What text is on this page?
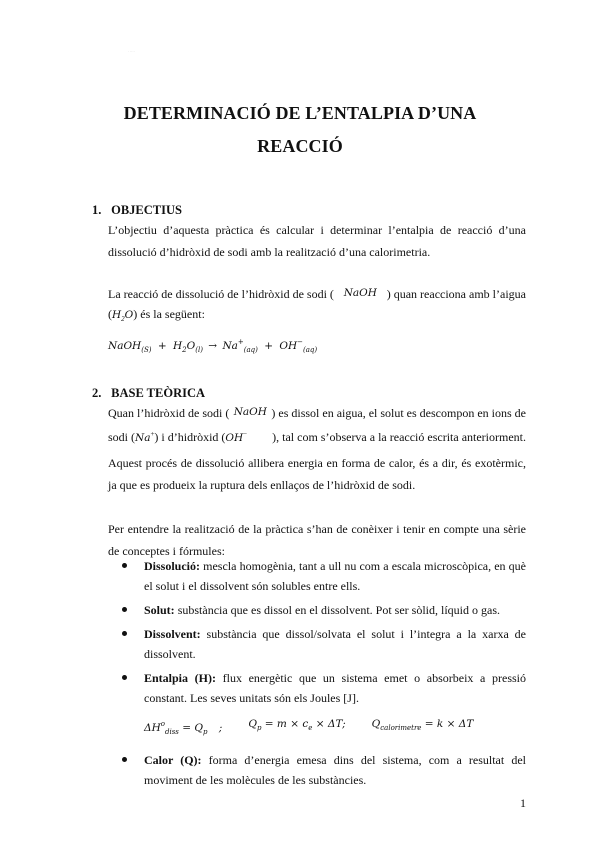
· ·· · ·
DETERMINACIÓ DE L’ENTALPIA D’UNA
REACCIÓ
1. OBJECTIUS
L’objectiu d’aquesta pràctica és calcular i determinar l’entalpia de reacció d’una dissolució d’hidròxid de sodi amb la realització d’una calorimetria.
La reacció de dissolució de l’hidròxid de sodi ( NaOH ) quan reacciona amb l’aigua
$(H_2O)$ és la següent:
NaOH$_{(S)}$ + $H_2O_{(l)} \to Na^+_{(aq)} + OH^-_{(aq)}$
2. BASE TEÒRICA
Quan l’hidròxid de sodi ( NaOH ) es dissol en aigua, el solut es descompon en ions de
sodi (Na+) i d’hidròxid (OH− ), tal com s’observa a la reacció escrita anteriorment.
Aquest procés de dissolució allibera energia en forma de calor, és a dir, és exotèrmic, ja que es produeix la ruptura dels enllaços de l’hidròxid de sodi.
Per entendre la realització de la pràctica s’han de conèixer i tenir en compte una sèrie de conceptes i fórmules:
Dissolució: mescla homogènia, tant a ull nu com a escala microscòpica, en què el solut i el dissolvent són solubles entre ells.
Solut: substància que es dissol en el dissolvent. Pot ser sòlid, líquid o gas.
Dissolvent: substància que dissol/solvata el solut i l’integra a la xarxa de dissolvent.
Entalpia (H): flux energètic que un sistema emet o absorbeix a pressió constant. Les seves unitats són els Joules [J].
$\Delta H^o_{diss} = Q_p$ ; $Q_p = m \times c_e \times \Delta T$; $Q_{calorimetre} = k \times \Delta T$
Calor (Q): forma d’energia emesa dins del sistema, com a resultat del moviment de les molècules de les substàncies.
1
